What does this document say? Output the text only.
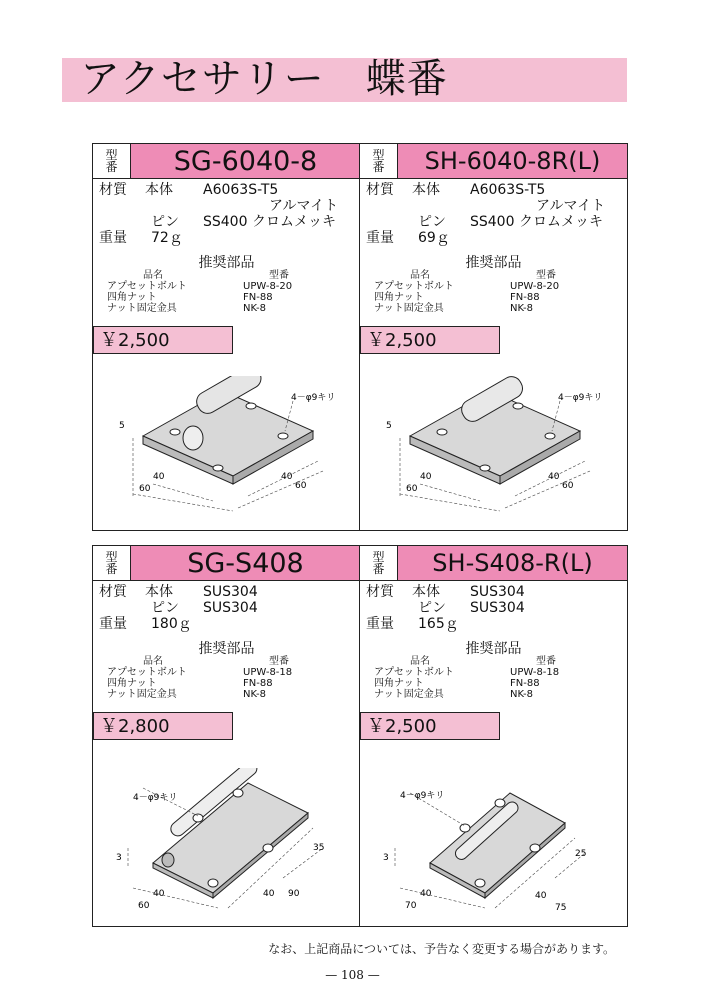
アクセサリー　蝶番
型
番	SG-6040-8
材質 本体 A6063S-T5
アルマイト
ピン SS400 クロムメッキ
重量 72ｇ
推奨部品
品名	型番
アプセットボルト	UPW-8-20
四角ナット	FN-88
ナット固定金具	NK-8
￥2,500
5
4－φ9キリ
40
60
40
60
型
番	SH-6040-8R(L)
材質 本体 A6063S-T5
アルマイト
ピン SS400 クロムメッキ
重量 69ｇ
推奨部品
品名	型番
アプセットボルト	UPW-8-20
四角ナット	FN-88
ナット固定金具	NK-8
￥2,500
5
4－φ9キリ
40
60
40
60
型
番	SG-S408
材質 本体 SUS304
ピン SUS304
重量 180ｇ
推奨部品
品名	型番
アプセットボルト	UPW-8-18
四角ナット	FN-88
ナット固定金具	NK-8
￥2,800
4－φ9キリ
3
35
40
60
40 90
型
番	SH-S408-R(L)
材質 本体 SUS304
ピン SUS304
重量 165ｇ
推奨部品
品名	型番
アプセットボルト	UPW-8-18
四角ナット	FN-88
ナット固定金具	NK-8
￥2,500
4－φ9キリ
3	25
40
70
40
75
なお、上記商品については、予告なく変更する場合があります。
— 108 —
